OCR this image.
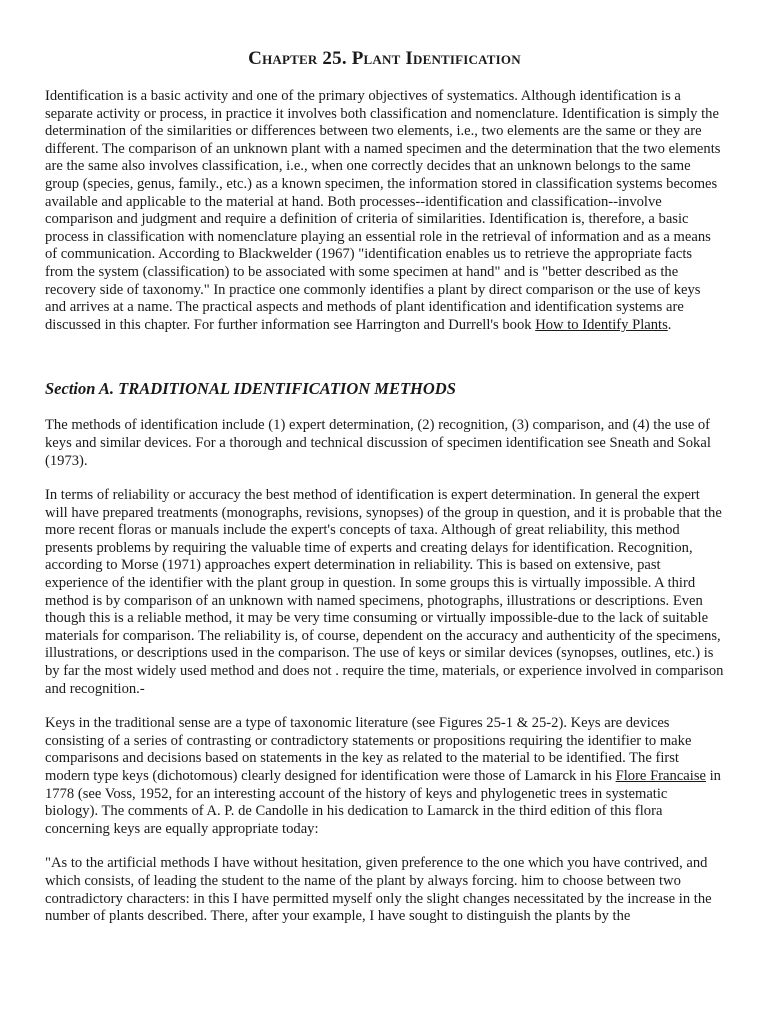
Chapter 25. Plant Identification

Identification is a basic activity and one of the primary objectives of systematics. Although identification is a separate activity or process, in practice it involves both classification and nomenclature. Identification is simply the determination of the similarities or differences between two elements, i.e., two elements are the same or they are different. The comparison of an unknown plant with a named specimen and the determination that the two elements are the same also involves classification, i.e., when one correctly decides that an unknown belongs to the same group (species, genus, family., etc.) as a known specimen, the information stored in classification systems becomes available and applicable to the material at hand. Both processes--identification and classification--involve comparison and judgment and require a definition of criteria of similarities. Identification is, therefore, a basic process in classification with nomenclature playing an essential role in the retrieval of information and as a means of communication. According to Blackwelder (1967) "identification enables us to retrieve the appropriate facts from the system (classification) to be associated with some specimen at hand" and is "better described as the recovery side of taxonomy." In practice one commonly identifies a plant by direct comparison or the use of keys and arrives at a name. The practical aspects and methods of plant identification and identification systems are discussed in this chapter. For further information see Harrington and Durrell's book How to Identify Plants.

Section A. TRADITIONAL IDENTIFICATION METHODS

The methods of identification include (1) expert determination, (2) recognition, (3) comparison, and (4) the use of keys and similar devices. For a thorough and technical discussion of specimen identification see Sneath and Sokal (1973).

In terms of reliability or accuracy the best method of identification is expert determination. In general the expert will have prepared treatments (monographs, revisions, synopses) of the group in question, and it is probable that the more recent floras or manuals include the expert's concepts of taxa. Although of great reliability, this method presents problems by requiring the valuable time of experts and creating delays for identification. Recognition, according to Morse (1971) approaches expert determination in reliability. This is based on extensive, past experience of the identifier with the plant group in question. In some groups this is virtually impossible. A third method is by comparison of an unknown with named specimens, photographs, illustrations or descriptions. Even though this is a reliable method, it may be very time consuming or virtually impossible-due to the lack of suitable materials for comparison. The reliability is, of course, dependent on the accuracy and authenticity of the specimens, illustrations, or descriptions used in the comparison. The use of keys or similar devices (synopses, outlines, etc.) is by far the most widely used method and does not . require the time, materials, or experience involved in comparison and recognition.-

Keys in the traditional sense are a type of taxonomic literature (see Figures 25-1 & 25-2). Keys are devices consisting of a series of contrasting or contradictory statements or propositions requiring the identifier to make comparisons and decisions based on statements in the key as related to the material to be identified. The first modern type keys (dichotomous) clearly designed for identification were those of Lamarck in his Flore Francaise in 1778 (see Voss, 1952, for an interesting account of the history of keys and phylogenetic trees in systematic biology). The comments of A. P. de Candolle in his dedication to Lamarck in the third edition of this flora concerning keys are equally appropriate today:

"As to the artificial methods I have without hesitation, given preference to the one which you have contrived, and which consists, of leading the student to the name of the plant by always forcing. him to choose between two contradictory characters: in this I have permitted myself only the slight changes necessitated by the increase in the number of plants described. There, after your example, I have sought to distinguish the plants by the
